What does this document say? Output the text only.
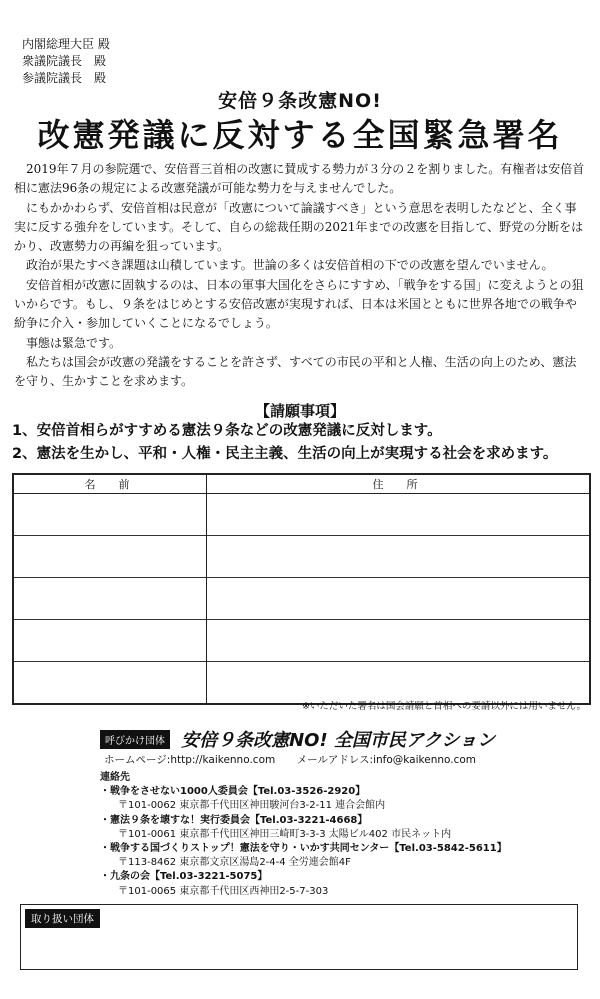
内閣総理大臣 殿
衆議院議長　殿
参議院議長　殿
安倍９条改憲NO!
改憲発議に反対する全国緊急署名

2019年７月の参院選で、安倍晋三首相の改憲に賛成する勢力が３分の２を割りました。有権者は安倍首相に憲法96条の規定による改憲発議が可能な勢力を与えませんでした。

にもかかわらず、安倍首相は民意が「改憲について論議すべき」という意思を表明したなどと、全く事実に反する強弁をしています。そして、自らの総裁任期の2021年までの改憲を目指して、野党の分断をはかり、改憲勢力の再編を狙っています。

政治が果たすべき課題は山積しています。世論の多くは安倍首相の下での改憲を望んでいません。

安倍首相が改憲に固執するのは、日本の軍事大国化をさらにすすめ、「戦争をする国」に変えようとの狙いからです。もし、９条をはじめとする安倍改憲が実現すれば、日本は米国とともに世界各地での戦争や紛争に介入・参加していくことになるでしょう。

事態は緊急です。

私たちは国会が改憲の発議をすることを許さず、すべての市民の平和と人権、生活の向上のため、憲法を守り、生かすことを求めます。

【請願事項】
1、安倍首相らがすすめる憲法９条などの改憲発議に反対します。
2、憲法を生かし、平和・人権・民主主義、生活の向上が実現する社会を求めます。
名　前	住　所

※いただいた署名は国会請願と首相への要請以外には用いません。
呼びかけ団体 安倍９条改憲NO! 全国市民アクション
ホームページ:http://kaikenno.com メールアドレス:info@kaikenno.com
連絡先
・戦争をさせない1000人委員会【Tel.03-3526-2920】
〒101-0062 東京都千代田区神田駿河台3-2-11 連合会館内
・憲法９条を壊すな！実行委員会【Tel.03-3221-4668】
〒101-0061 東京都千代田区神田三崎町3-3-3 太陽ビル402 市民ネット内
・戦争する国づくりストップ！憲法を守り・いかす共同センター【Tel.03-5842-5611】
〒113-8462 東京都文京区湯島2-4-4 全労連会館4F
・九条の会【Tel.03-3221-5075】
〒101-0065 東京都千代田区西神田2-5-7-303
取り扱い団体
